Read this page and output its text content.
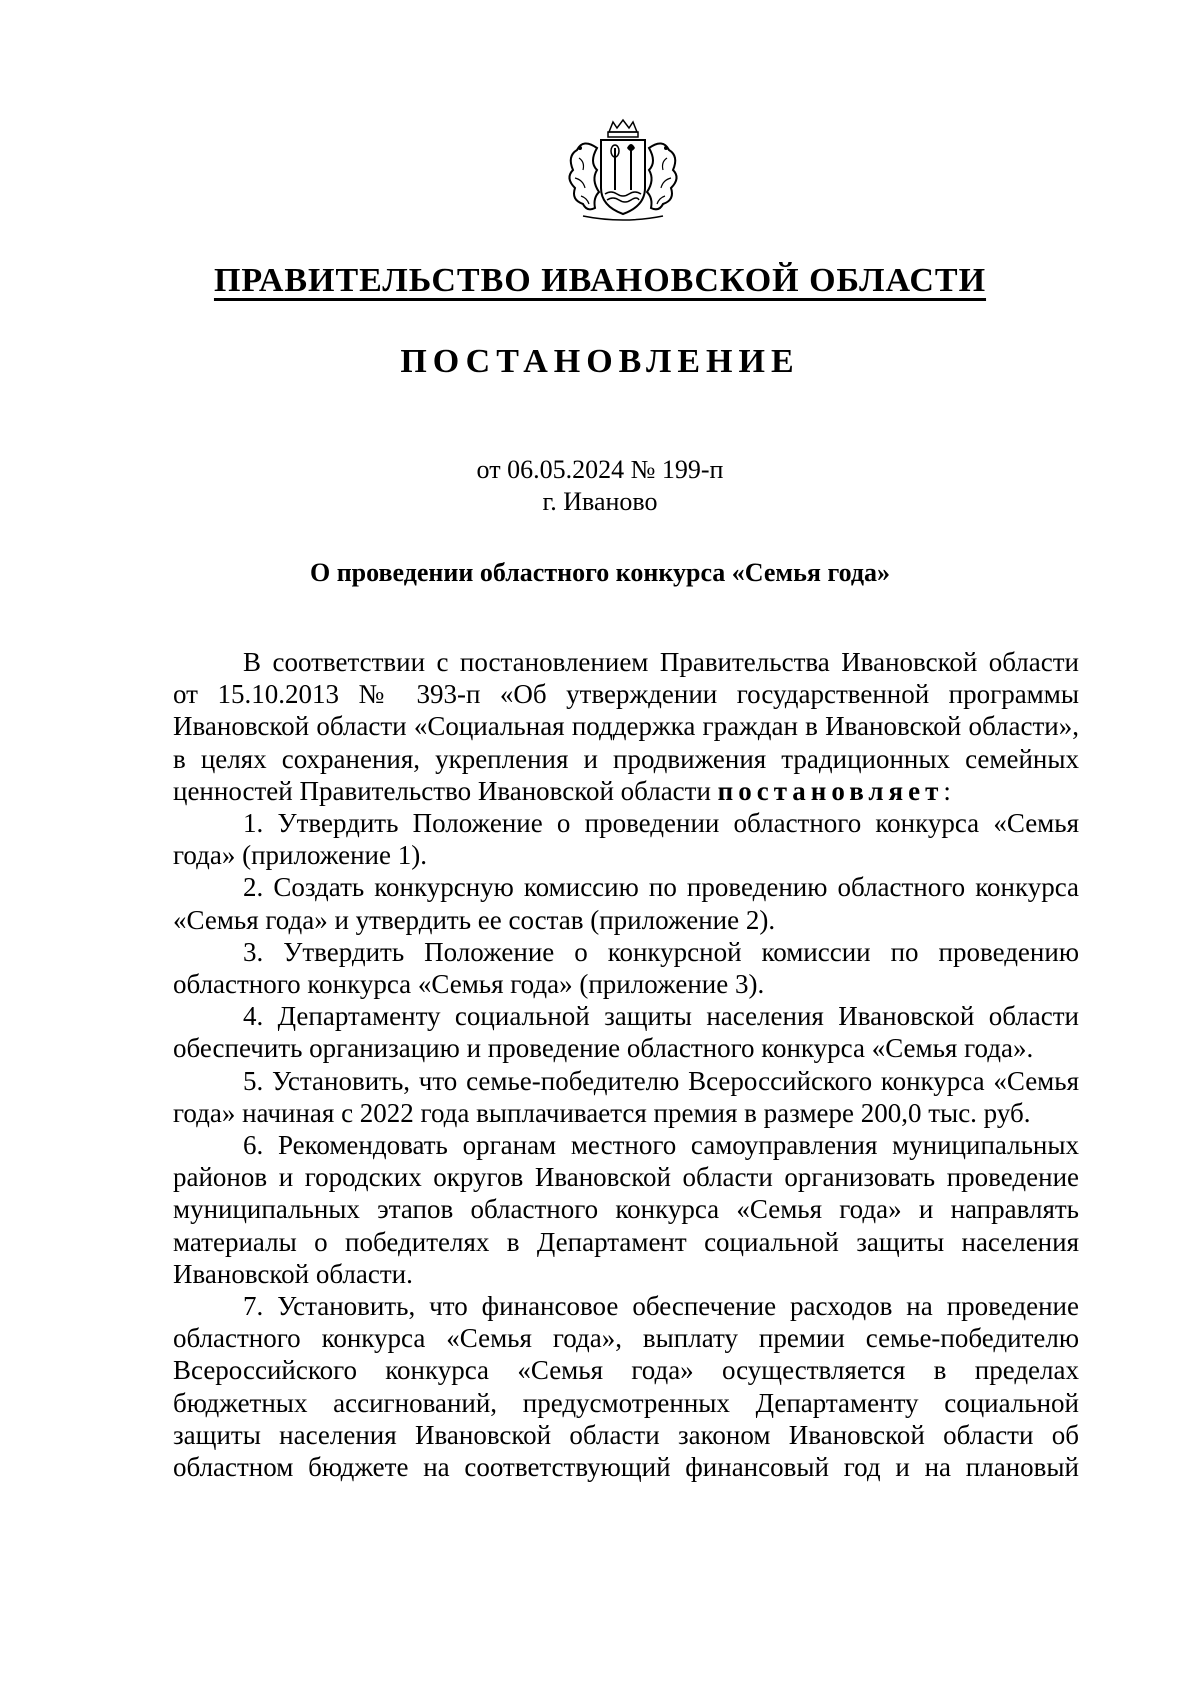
ПРАВИТЕЛЬСТВО ИВАНОВСКОЙ ОБЛАСТИ
ПОСТАНОВЛЕНИЕ
от 06.05.2024 № 199-п
г. Иваново
О проведении областного конкурса «Семья года»

В соответствии с постановлением Правительства Ивановской области от 15.10.2013 № 393-п «Об утверждении государственной программы Ивановской области «Социальная поддержка граждан в Ивановской области», в целях сохранения, укрепления и продвижения традиционных семейных ценностей Правительство Ивановской области постановляет:

1. Утвердить Положение о проведении областного конкурса «Семья года» (приложение 1).

2. Создать конкурсную комиссию по проведению областного конкурса «Семья года» и утвердить ее состав (приложение 2).

3. Утвердить Положение о конкурсной комиссии по проведению областного конкурса «Семья года» (приложение 3).

4. Департаменту социальной защиты населения Ивановской области обеспечить организацию и проведение областного конкурса «Семья года».

5. Установить, что семье-победителю Всероссийского конкурса «Семья года» начиная с 2022 года выплачивается премия в размере 200,0 тыс. руб.

6. Рекомендовать органам местного самоуправления муниципальных районов и городских округов Ивановской области организовать проведение муниципальных этапов областного конкурса «Семья года» и направлять материалы о победителях в Департамент социальной защиты населения Ивановской области.

7. Установить, что финансовое обеспечение расходов на проведение областного конкурса «Семья года», выплату премии семье-победителю Всероссийского конкурса «Семья года» осуществляется в пределах бюджетных ассигнований, предусмотренных Департаменту социальной защиты населения Ивановской области законом Ивановской области об областном бюджете на соответствующий финансовый год и на плановый
